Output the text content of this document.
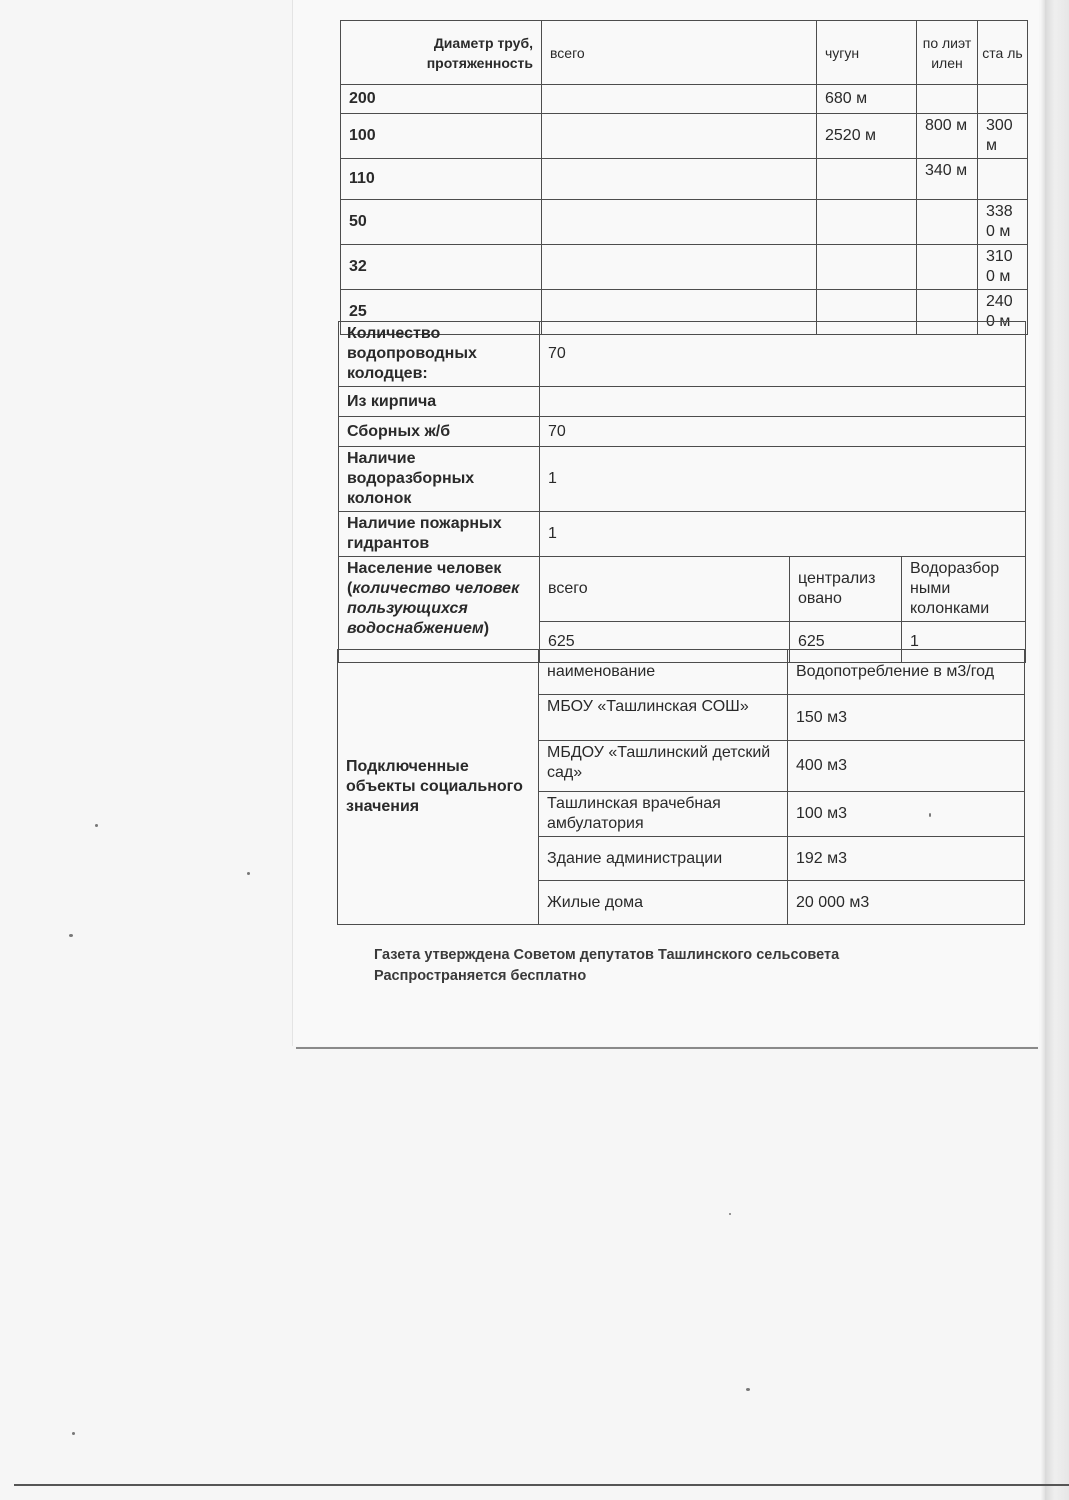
Диаметр труб, протяженность	всего	чугун	по лиэт илен	ста ль
200		680 м		
100		2520 м	800 м	300 м
110			340 м	
50				338 0 м
32				310 0 м
25				240 0 м
Количество водопроводных колодцев:	70		
Из кирпича			
Сборных ж/б	70		
Наличие водоразборных колонок	1		
Наличие пожарных гидрантов	1		
Население человек (количество человек пользующихся водоснабжением)	всего	централиз овано	Водоразбор ными колонками
	625	625	1
Подключенные объекты социального значения	наименование	Водопотребление в м3/год
	МБОУ «Ташлинская СОШ»	150 м3
	МБДОУ «Ташлинский детский сад»	400 м3
	Ташлинская врачебная амбулатория	100 м3
	Здание администрации	192 м3
	Жилые дома	20 000 м3
Газета утверждена Советом депутатов Ташлинского сельсовета
Распространяется бесплатно
